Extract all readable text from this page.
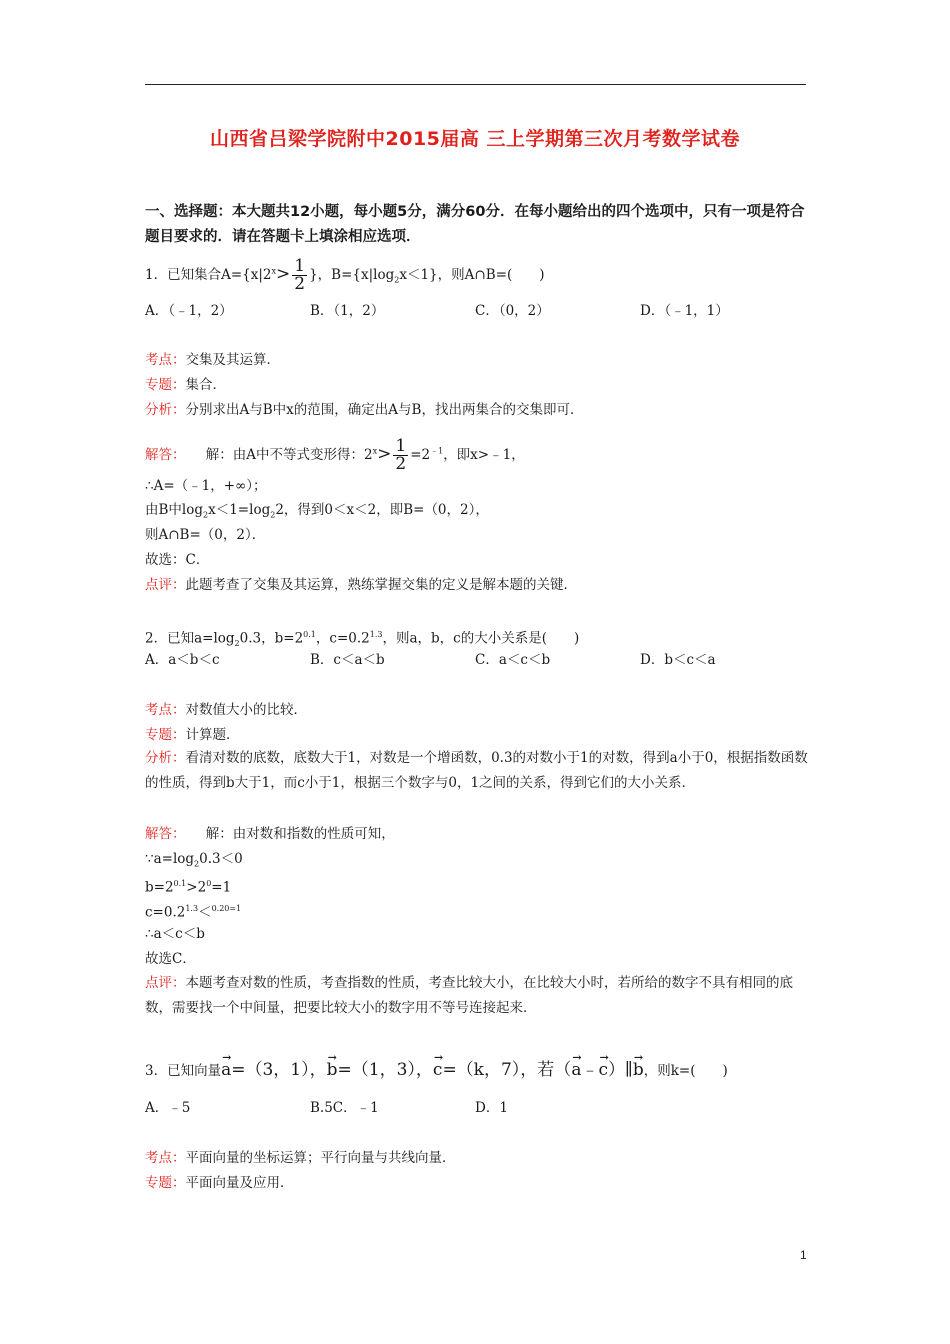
山西省吕梁学院附中2015届高 三上学期第三次月考数学试卷
一、选择题：本大题共12小题，每小题5分，满分60分．在每小题给出的四个选项中，只有一项是符合题目要求的．请在答题卡上填涂相应选项．
1．已知集合$A=\{x|2^x> \frac{1}{2}$ }，$B=\{x|\log_2x<1\}$，则A∩B=(　　)
A．（﹣1，2）	B．（1，2）	C．（0，2）	D．（﹣1，1）
考点：交集及其运算．
专题：集合．
分析：分别求出A与B中x的范围，确定出A与B，找出两集合的交集即可．
解答：　　解：由A中不等式变形得：$2^x> \frac{1}{2} =2^{﹣1}$，即x>﹣1，
∴A=（﹣1，+∞）；
由B中$\log_2x<1=\log_22$，得到0＜x＜2，即B=（0，2），
则A∩B=（0，2）．
故选：C．
点评：此题考查了交集及其运算，熟练掌握交集的定义是解本题的关键．
2．已知$a=\log_20.3$，$b=2^{0.1}$，$c=0.2^{1.3}$，则a，b，c的大小关系是(　　)
A．a＜b＜c	B．c＜a＜b	C．a＜c＜b	D．b＜c＜a
考点：对数值大小的比较．
专题：计算题．
分析：看清对数的底数，底数大于1，对数是一个增函数，0.3的对数小于1的对数，得到a小于0，根据指数函数的性质，得到b大于1，而c小于1，根据三个数字与0，1之间的关系，得到它们的大小关系．
解答：　　解：由对数和指数的性质可知，
$\because a=\log_20.3<0$
$b=2^{0.1}>2^0=1$
$c=0.2^{1.3}<^{0.20=1}$
∴a＜c＜b
故选C．
点评：本题考查对数的性质，考查指数的性质，考查比较大小，在比较大小时，若所给的数字不具有相同的底数，需要找一个中间量，把要比较大小的数字用不等号连接起来．
3．已知向量→ a=（3，1），→ b=（1，3），→ c=（k，7），若（→ a﹣→ c）∥→ b，则k=(　　)
A．﹣5	B.5C．﹣1	D．1
考点：平面向量的坐标运算；平行向量与共线向量．
专题：平面向量及应用．
1
